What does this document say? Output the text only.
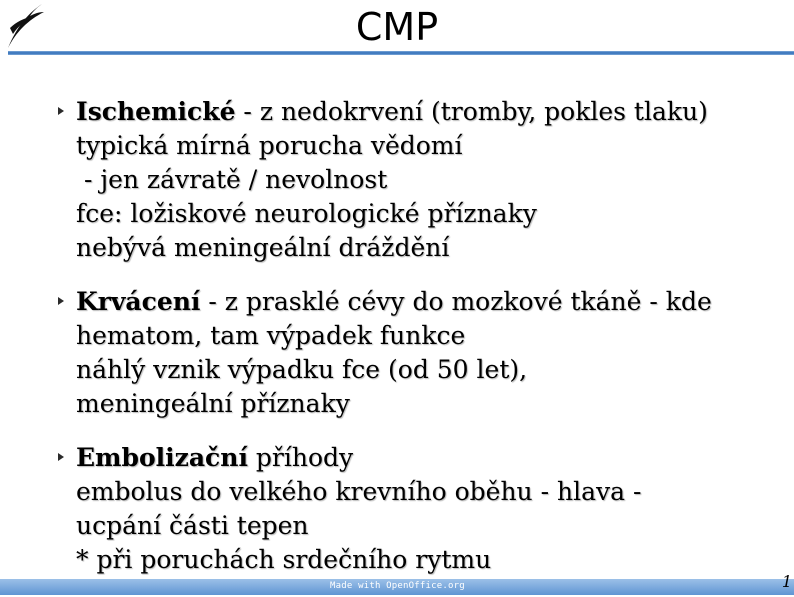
CMP
Ischemické - z nedokrvení (tromby, pokles tlaku)
typická mírná porucha vědomí
- jen závratě / nevolnost
fce: ložiskové neurologické příznaky
nebývá meningeální dráždění
Krvácení - z prasklé cévy do mozkové tkáně - kde
hematom, tam výpadek funkce
náhlý vznik výpadku fce (od 50 let),
meningeální příznaky
Embolizační příhody
embolus do velkého krevního oběhu - hlava -
ucpání části tepen
* při poruchách srdečního rytmu
Made with OpenOffice.org	1
